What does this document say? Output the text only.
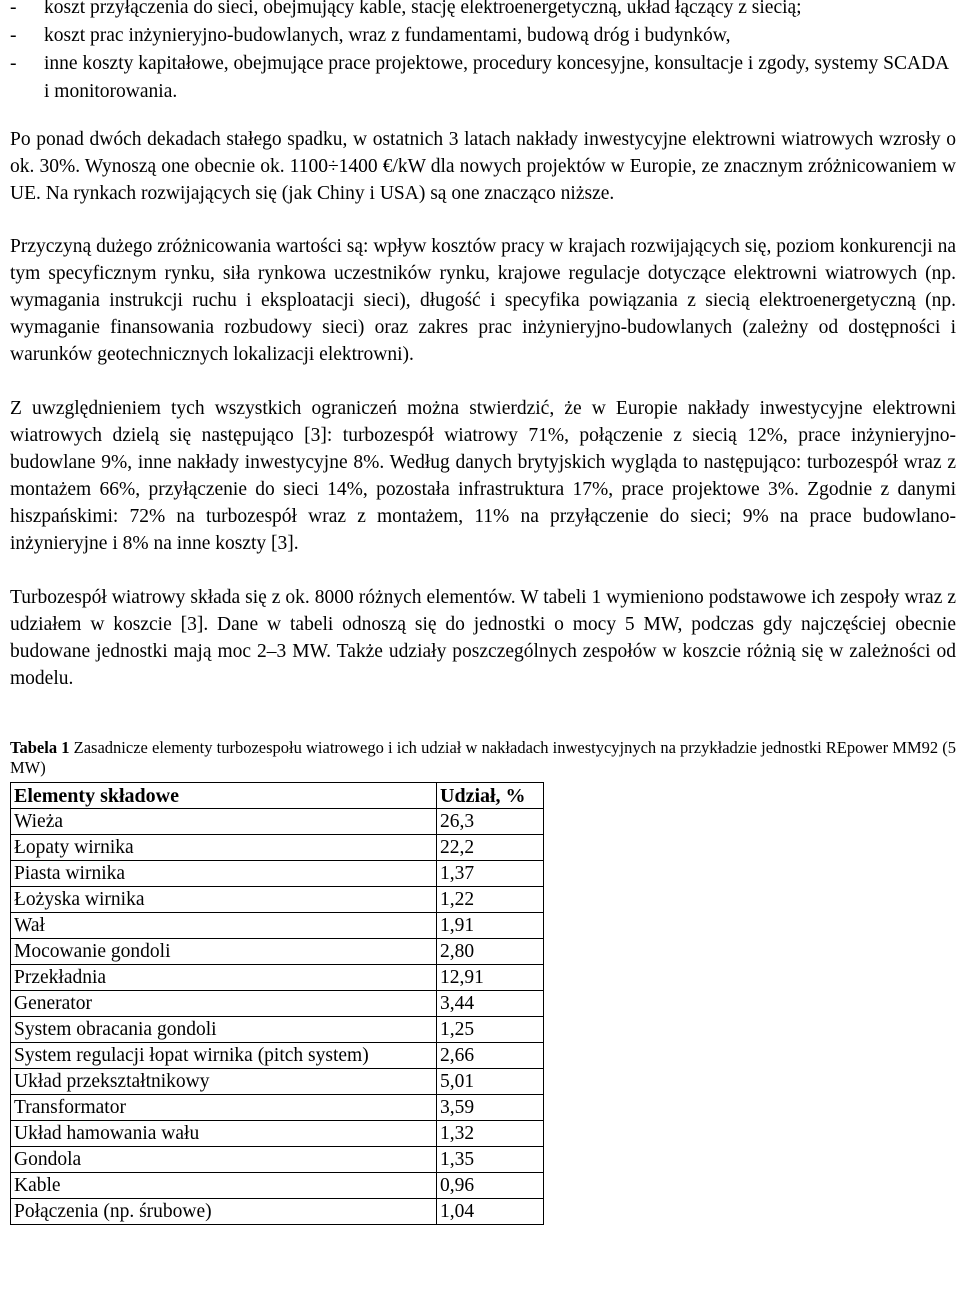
- koszt przyłączenia do sieci, obejmujący kable, stację elektroenergetyczną, układ łączący z siecią;
- koszt prac inżynieryjno-budowlanych, wraz z fundamentami, budową dróg i budynków,
- inne koszty kapitałowe, obejmujące prace projektowe, procedury koncesyjne, konsultacje i zgody, systemy SCADA i monitorowania.

Po ponad dwóch dekadach stałego spadku, w ostatnich 3 latach nakłady inwestycyjne elektrowni wiatrowych wzrosły o ok. 30%. Wynoszą one obecnie ok. 1100÷1400 €/kW dla nowych projektów w Europie, ze znacznym zróżnicowaniem w UE. Na rynkach rozwijających się (jak Chiny i USA) są one znacząco niższe.

Przyczyną dużego zróżnicowania wartości są: wpływ kosztów pracy w krajach rozwijających się, poziom konkurencji na tym specyficznym rynku, siła rynkowa uczestników rynku, krajowe regulacje dotyczące elektrowni wiatrowych (np. wymagania instrukcji ruchu i eksploatacji sieci), długość i specyfika powiązania z siecią elektroenergetyczną (np. wymaganie finansowania rozbudowy sieci) oraz zakres prac inżynieryjno-budowlanych (zależny od dostępności i warunków geotechnicznych lokalizacji elektrowni).

Z uwzględnieniem tych wszystkich ograniczeń można stwierdzić, że w Europie nakłady inwestycyjne elektrowni wiatrowych dzielą się następująco [3]: turbozespół wiatrowy 71%, połączenie z siecią 12%, prace inżynieryjno-budowlane 9%, inne nakłady inwestycyjne 8%. Według danych brytyjskich wygląda to następująco: turbozespół wraz z montażem 66%, przyłączenie do sieci 14%, pozostała infrastruktura 17%, prace projektowe 3%. Zgodnie z danymi hiszpańskimi: 72% na turbozespół wraz z montażem, 11% na przyłączenie do sieci; 9% na prace budowlano-inżynieryjne i 8% na inne koszty [3].

Turbozespół wiatrowy składa się z ok. 8000 różnych elementów. W tabeli 1 wymieniono podstawowe ich zespoły wraz z udziałem w koszcie [3]. Dane w tabeli odnoszą się do jednostki o mocy 5 MW, podczas gdy najczęściej obecnie budowane jednostki mają moc 2–3 MW. Także udziały poszczególnych zespołów w koszcie różnią się w zależności od modelu.

Tabela 1 Zasadnicze elementy turbozespołu wiatrowego i ich udział w nakładach inwestycyjnych na przykładzie jednostki REpower MM92 (5 MW)
Elementy składowe	Udział, %
Wieża	26,3
Łopaty wirnika	22,2
Piasta wirnika	1,37
Łożyska wirnika	1,22
Wał	1,91
Mocowanie gondoli	2,80
Przekładnia	12,91
Generator	3,44
System obracania gondoli	1,25
System regulacji łopat wirnika (pitch system)	2,66
Układ przekształtnikowy	5,01
Transformator	3,59
Układ hamowania wału	1,32
Gondola	1,35
Kable	0,96
Połączenia (np. śrubowe)	1,04
